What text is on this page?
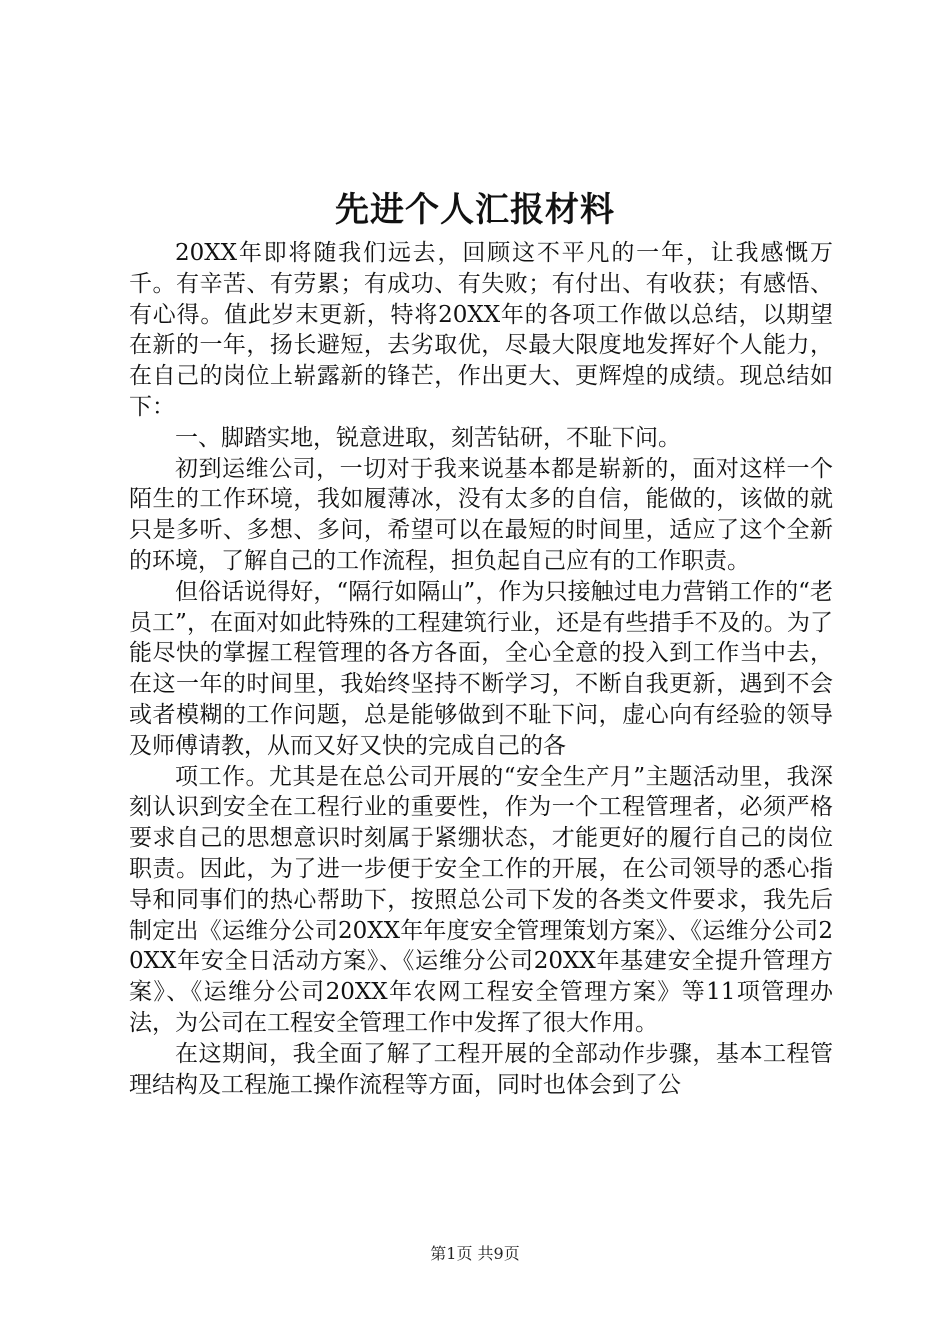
先进个人汇报材料

20XX年即将随我们远去，回顾这不平凡的一年，让我感慨万千。有辛苦、有劳累；有成功、有失败；有付出、有收获；有感悟、有心得。值此岁末更新，特将20XX年的各项工作做以总结，以期望在新的一年，扬长避短，去劣取优，尽最大限度地发挥好个人能力，在自己的岗位上崭露新的锋芒，作出更大、更辉煌的成绩。现总结如下：

一、脚踏实地，锐意进取，刻苦钻研，不耻下问。

初到运维公司，一切对于我来说基本都是崭新的，面对这样一个陌生的工作环境，我如履薄冰，没有太多的自信，能做的，该做的就只是多听、多想、多问，希望可以在最短的时间里，适应了这个全新的环境，了解自己的工作流程，担负起自己应有的工作职责。

但俗话说得好，“隔行如隔山”，作为只接触过电力营销工作的“老员工”，在面对如此特殊的工程建筑行业，还是有些措手不及的。为了能尽快的掌握工程管理的各方各面，全心全意的投入到工作当中去，在这一年的时间里，我始终坚持不断学习，不断自我更新，遇到不会或者模糊的工作问题，总是能够做到不耻下问，虚心向有经验的领导及师傅请教，从而又好又快的完成自己的各

项工作。尤其是在总公司开展的“安全生产月”主题活动里，我深刻认识到安全在工程行业的重要性，作为一个工程管理者，必须严格要求自己的思想意识时刻属于紧绷状态，才能更好的履行自己的岗位职责。因此，为了进一步便于安全工作的开展，在公司领导的悉心指导和同事们的热心帮助下，按照总公司下发的各类文件要求，我先后制定出《运维分公司20XX年年度安全管理策划方案》、《运维分公司20XX年安全日活动方案》、《运维分公司20XX年基建安全提升管理方案》、《运维分公司20XX年农网工程安全管理方案》等11项管理办法，为公司在工程安全管理工作中发挥了很大作用。

在这期间，我全面了解了工程开展的全部动作步骤，基本工程管理结构及工程施工操作流程等方面，同时也体会到了公

第1页 共9页
